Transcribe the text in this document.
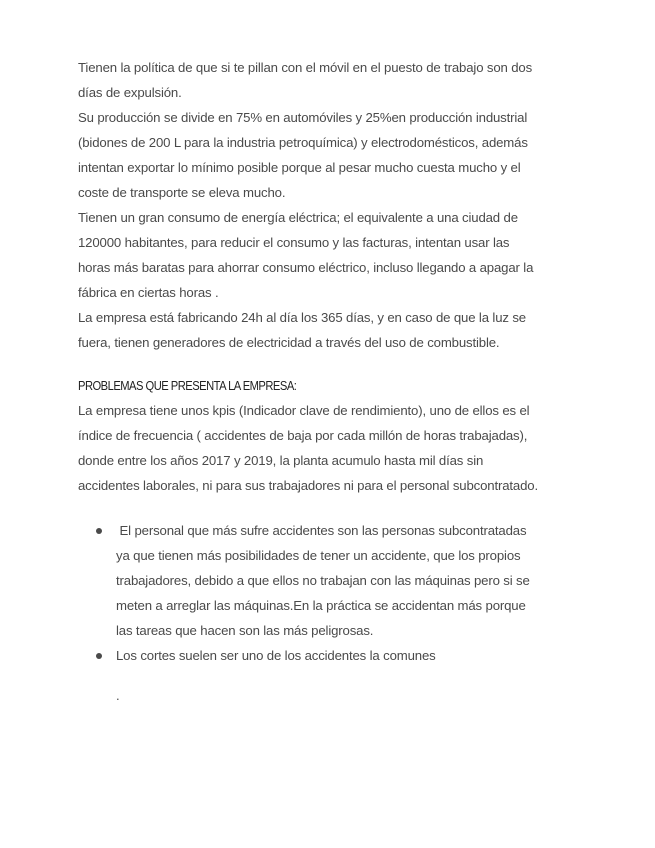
Tienen la política de que si te pillan con el móvil en el puesto de trabajo son dos

días de expulsión.

Su producción se divide en 75% en automóviles y 25%en producción industrial

(bidones de 200 L para la industria petroquímica) y electrodomésticos, además

intentan exportar lo mínimo posible porque al pesar mucho cuesta mucho y el

coste de transporte se eleva mucho.

Tienen un gran consumo de energía eléctrica; el equivalente a una ciudad de

120000 habitantes, para reducir el consumo y las facturas, intentan usar las

horas más baratas para ahorrar consumo eléctrico, incluso llegando a apagar la

fábrica en ciertas horas .

La empresa está fabricando 24h al día los 365 días, y en caso de que la luz se

fuera, tienen generadores de electricidad a través del uso de combustible.

PROBLEMAS QUE PRESENTA LA EMPRESA:

La empresa tiene unos kpis (Indicador clave de rendimiento), uno de ellos es el

índice de frecuencia ( accidentes de baja por cada millón de horas trabajadas),

donde entre los años 2017 y 2019, la planta acumulo hasta mil días sin

accidentes laborales, ni para sus trabajadores ni para el personal subcontratado.

El personal que más sufre accidentes son las personas subcontratadas

ya que tienen más posibilidades de tener un accidente, que los propios

trabajadores, debido a que ellos no trabajan con las máquinas pero si se

meten a arreglar las máquinas.En la práctica se accidentan más porque

las tareas que hacen son las más peligrosas.

Los cortes suelen ser uno de los accidentes la comunes

.
